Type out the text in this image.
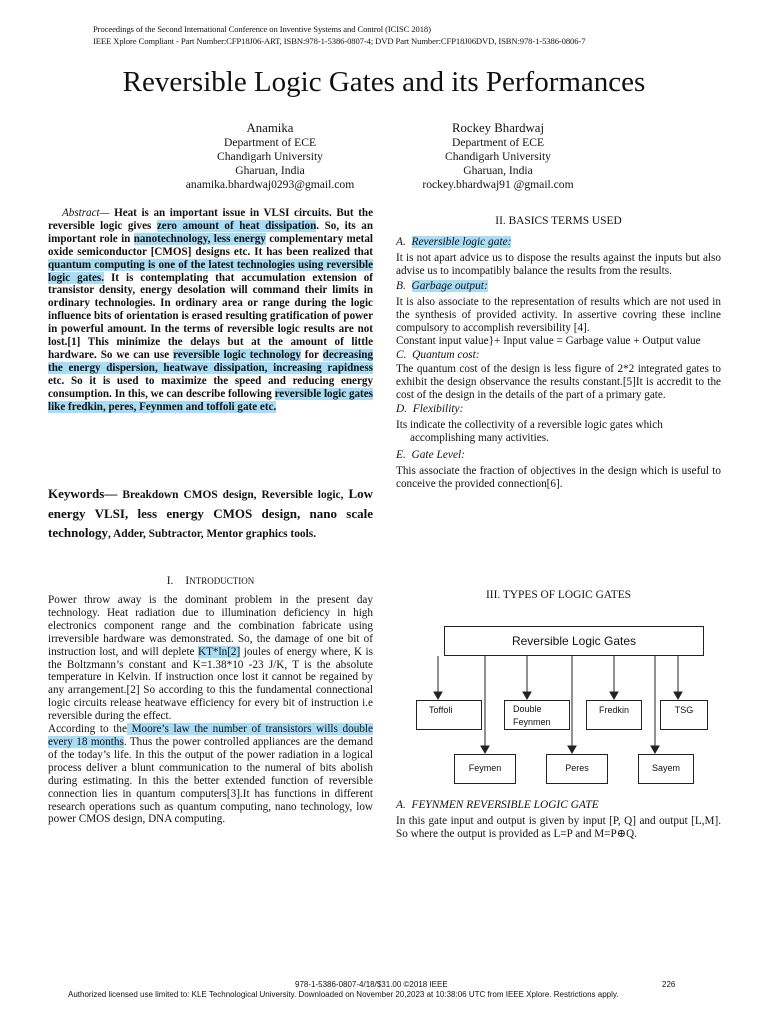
Proceedings of the Second International Conference on Inventive Systems and Control (ICISC 2018)
IEEE Xplore Compliant - Part Number:CFP18J06-ART, ISBN:978-1-5386-0807-4; DVD Part Number:CFP18J06DVD, ISBN:978-1-5386-0806-7
Reversible Logic Gates and its Performances
Anamika
Department of ECE
Chandigarh University
Gharuan, India
anamika.bhardwaj0293@gmail.com
Rockey Bhardwaj
Department of ECE
Chandigarh University
Gharuan, India
rockey.bhardwaj91 @gmail.com
Abstract— Heat is an important issue in VLSI circuits. But the reversible logic gives zero amount of heat dissipation. So, its an important role in nanotechnology, less energy complementary metal oxide semiconductor [CMOS] designs etc. It has been realized that quantum computing is one of the latest technologies using reversible logic gates. It is contemplating that accumulation extension of transistor density, energy desolation will command their limits in ordinary technologies. In ordinary area or range during the logic influence bits of orientation is erased resulting gratification of power in powerful amount. In the terms of reversible logic results are not lost.[1] This minimize the delays but at the amount of little hardware. So we can use reversible logic technology for decreasing the energy dispersion, heatwave dissipation, increasing rapidness etc. So it is used to maximize the speed and reducing energy consumption. In this, we can describe following reversible logic gates like fredkin, peres, Feynmen and toffoli gate etc.
Keywords— Breakdown CMOS design, Reversible logic, Low energy VLSI, less energy CMOS design, nano scale technology, Adder, Subtractor, Mentor graphics tools.
I. INTRODUCTION

Power throw away is the dominant problem in the present day technology. Heat radiation due to illumination deficiency in high electronics component range and the combination fabricate using irreversible hardware was demonstrated. So, the damage of one bit of instruction lost, and will deplete KT*ln[2] joules of energy where, K is the Boltzmann’s constant and K=1.38*10 -23 J/K, T is the absolute temperature in Kelvin. If instruction once lost it cannot be regained by any arrangement.[2] So according to this the fundamental connectional logic circuits release heatwave efficiency for every bit of instruction i.e reversible during the effect.

According to the Moore’s law the number of transistors wills double every 18 months. Thus the power controlled appliances are the demand of the today’s life. In this the output of the power radiation in a logical process deliver a blunt communication to the numeral of bits abolish during estimating. In this the better extended function of reversible connection lies in quantum computers[3].It has functions in different research operations such as quantum computing, nano technology, low power CMOS design, DNA computing.

II. BASICS TERMS USED
A. Reversible logic gate:

It is not apart advice us to dispose the results against the inputs but also advise us to incompatibly balance the results from the results.

B. Garbage output:

It is also associate to the representation of results which are not used in the synthesis of provided activity. In assertive covring these incline compulsory to accomplish reversibility [4].

Constant input value}+ Input value = Garbage value + Output value

C. Quantum cost:

The quantum cost of the design is less figure of 2*2 integrated gates to exhibit the design observance the results constant.[5]It is accredit to the cost of the design in the details of the part of a primary gate.

D. Flexibility:

Its indicate the collectivity of a reversible logic gates which

accomplishing many activities.

E. Gate Level:

This associate the fraction of objectives in the design which is useful to conceive the provided connection[6].

III. TYPES OF LOGIC GATES
Reversible Logic Gates
Toffoli	Double
Feynmen
Fredkin	TSG
Feymen	Peres	Sayem
A. FEYNMEN REVERSIBLE LOGIC GATE

In this gate input and output is given by input [P, Q] and output [L,M]. So where the output is provided as L=P and M=P⊕Q.

978-1-5386-0807-4/18/$31.00 ©2018 IEEE	226
Authorized licensed use limited to: KLE Technological University. Downloaded on November 20,2023 at 10:38:06 UTC from IEEE Xplore. Restrictions apply.
